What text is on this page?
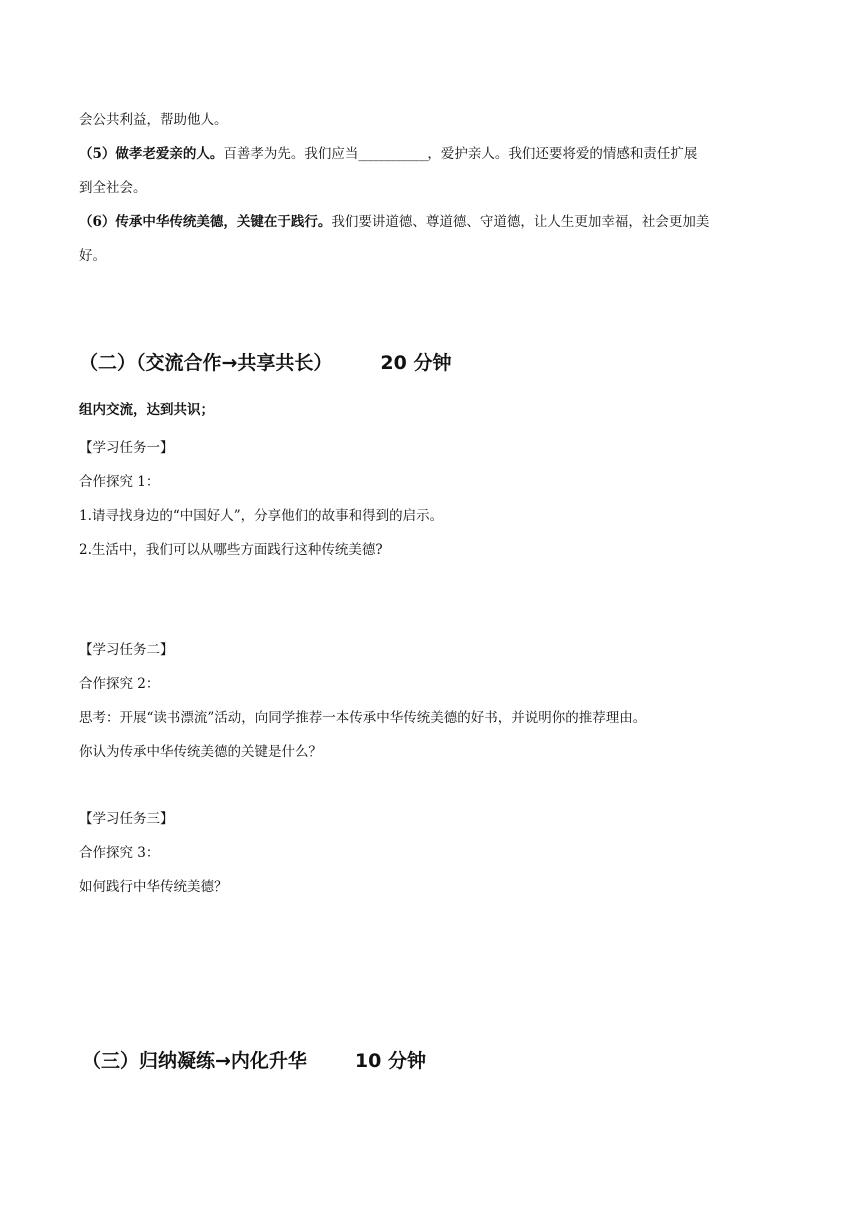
会公共利益，帮助他人。
（5）做孝老爱亲的人。百善孝为先。我们应当____________，爱护亲人。我们还要将爱的情感和责任扩展
到全社会。
（6）传承中华传统美德，关键在于践行。我们要讲道德、尊道德、守道德，让人生更加幸福，社会更加美
好。
（二）（交流合作→共享共长）	20 分钟
组内交流，达到共识；
【学习任务一】
合作探究 1：
1.请寻找身边的“中国好人”，分享他们的故事和得到的启示。
2.生活中，我们可以从哪些方面践行这种传统美德?
【学习任务二】
合作探究 2：
思考：开展“读书漂流”活动，向同学推荐一本传承中华传统美德的好书，并说明你的推荐理由。
你认为传承中华传统美德的关键是什么？
【学习任务三】
合作探究 3：
如何践行中华传统美德？
（三）归纳凝练→内化升华	10 分钟
